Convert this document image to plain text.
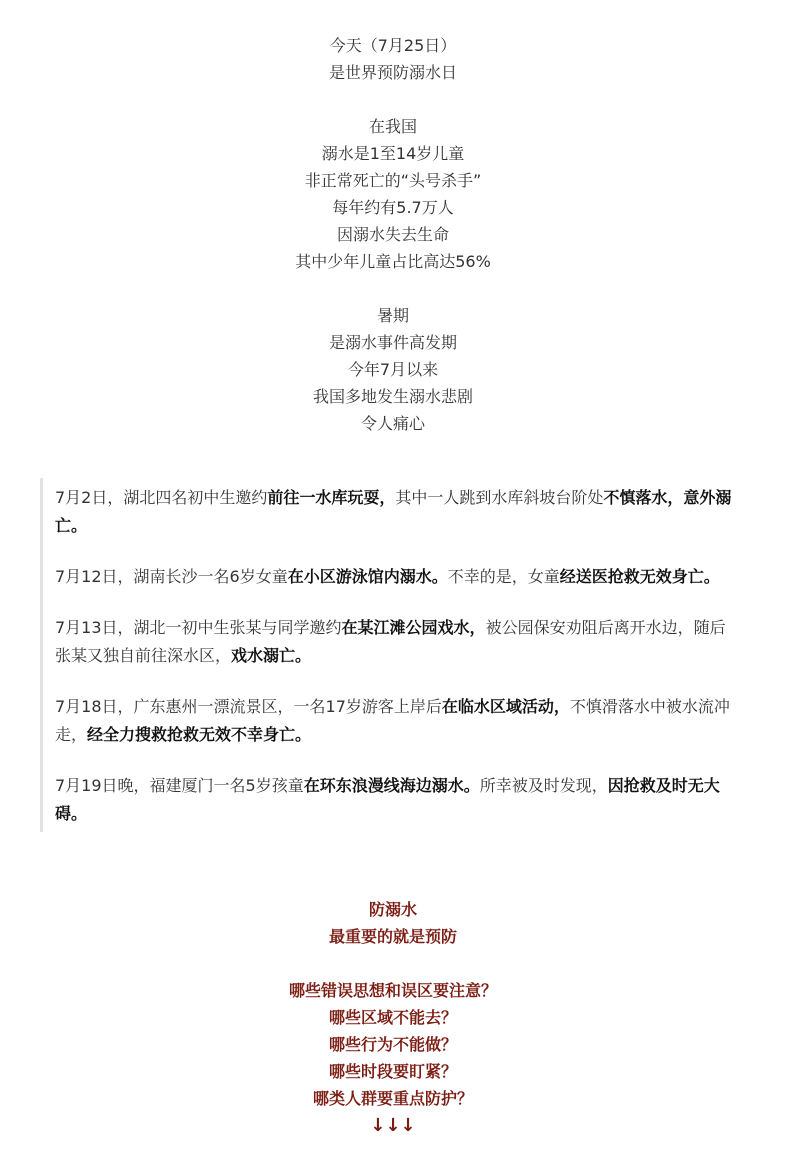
今天（7月25日）
是世界预防溺水日
在我国
溺水是1至14岁儿童
非正常死亡的“头号杀手”
每年约有5.7万人
因溺水失去生命
其中少年儿童占比高达56%
暑期
是溺水事件高发期
今年7月以来
我国多地发生溺水悲剧
令人痛心

7月2日，湖北四名初中生邀约前往一水库玩耍，其中一人跳到水库斜坡台阶处不慎落水，意外溺亡。

7月12日，湖南长沙一名6岁女童在小区游泳馆内溺水。不幸的是，女童经送医抢救无效身亡。

7月13日，湖北一初中生张某与同学邀约在某江滩公园戏水，被公园保安劝阻后离开水边，随后张某又独自前往深水区，戏水溺亡。

7月18日，广东惠州一漂流景区，一名17岁游客上岸后在临水区域活动，不慎滑落水中被水流冲走，经全力搜救抢救无效不幸身亡。

7月19日晚，福建厦门一名5岁孩童在环东浪漫线海边溺水。所幸被及时发现，因抢救及时无大碍。

防溺水
最重要的就是预防
哪些错误思想和误区要注意？
哪些区域不能去？
哪些行为不能做？
哪些时段要盯紧？
哪类人群要重点防护？
↓↓↓
